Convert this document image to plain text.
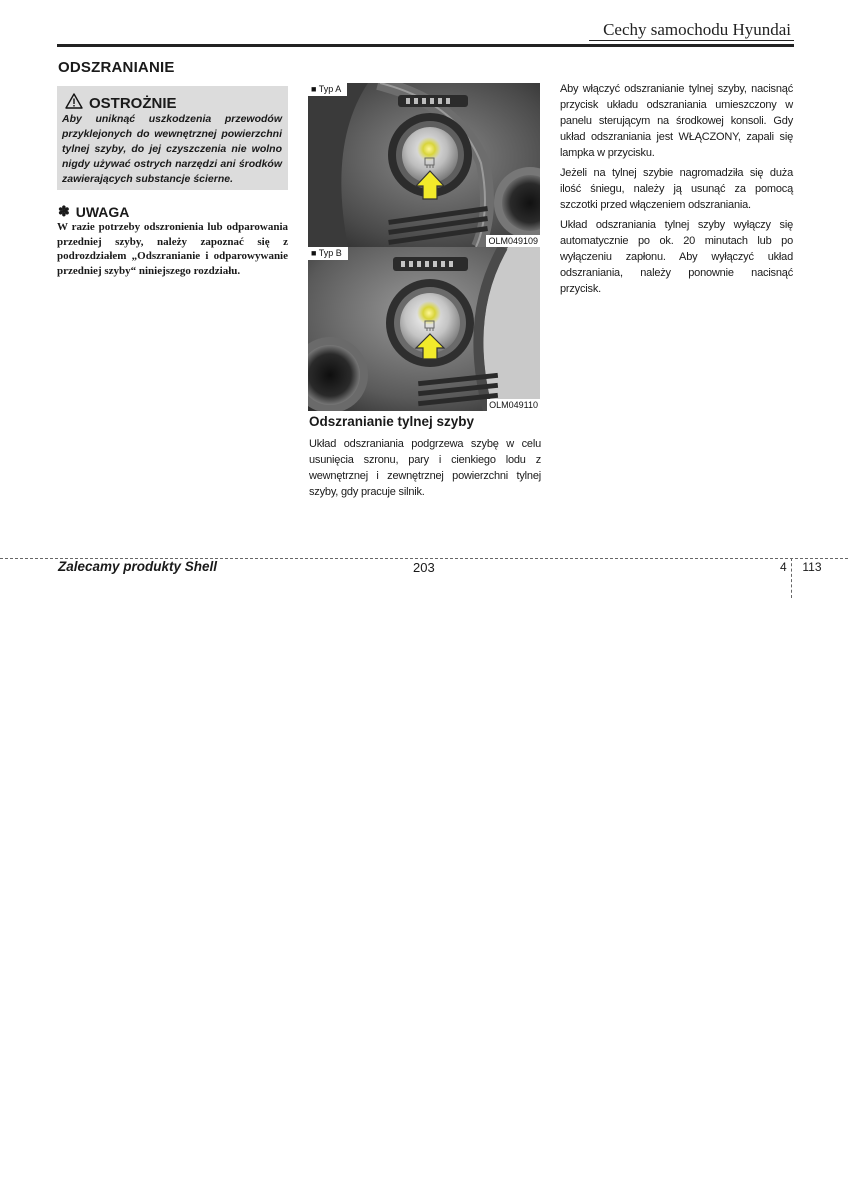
Cechy samochodu Hyundai
ODSZRANIANIE
OSTROŻNIE
Aby uniknąć uszkodzenia przewodów przyklejonych do wewnętrznej powierzchni tylnej szyby, do jej czyszczenia nie wolno nigdy używać ostrych narzędzi ani środków zawierających substancje ścierne.
✽ UWAGA
W razie potrzeby odszronienia lub odparowania przedniej szyby, należy zapoznać się z podrozdziałem „Odszranianie i odparowywanie przedniej szyby“ niniejszego rozdziału.
■ Typ A
OLM049109
■ Typ B
OLM049110
Odszranianie tylnej szyby
Układ odszraniania podgrzewa szybę w celu usunięcia szronu, pary i cienkiego lodu z wewnętrznej i zewnętrznej powierzchni tylnej szyby, gdy pracuje silnik.

Aby włączyć odszranianie tylnej szyby, nacisnąć przycisk układu odszraniania umieszczony w panelu sterującym na środkowej konsoli. Gdy układ odszraniania jest WŁĄCZONY, zapali się lampka w przycisku.

Jeżeli na tylnej szybie nagromadziła się duża ilość śniegu, należy ją usunąć za pomocą szczotki przed włączeniem odszraniania.

Układ odszraniania tylnej szyby wyłączy się automatycznie po ok. 20 minutach lub po wyłączeniu zapłonu. Aby wyłączyć układ odszraniania, należy ponownie nacisnąć przycisk.

Zalecamy produkty Shell	203	4 113
